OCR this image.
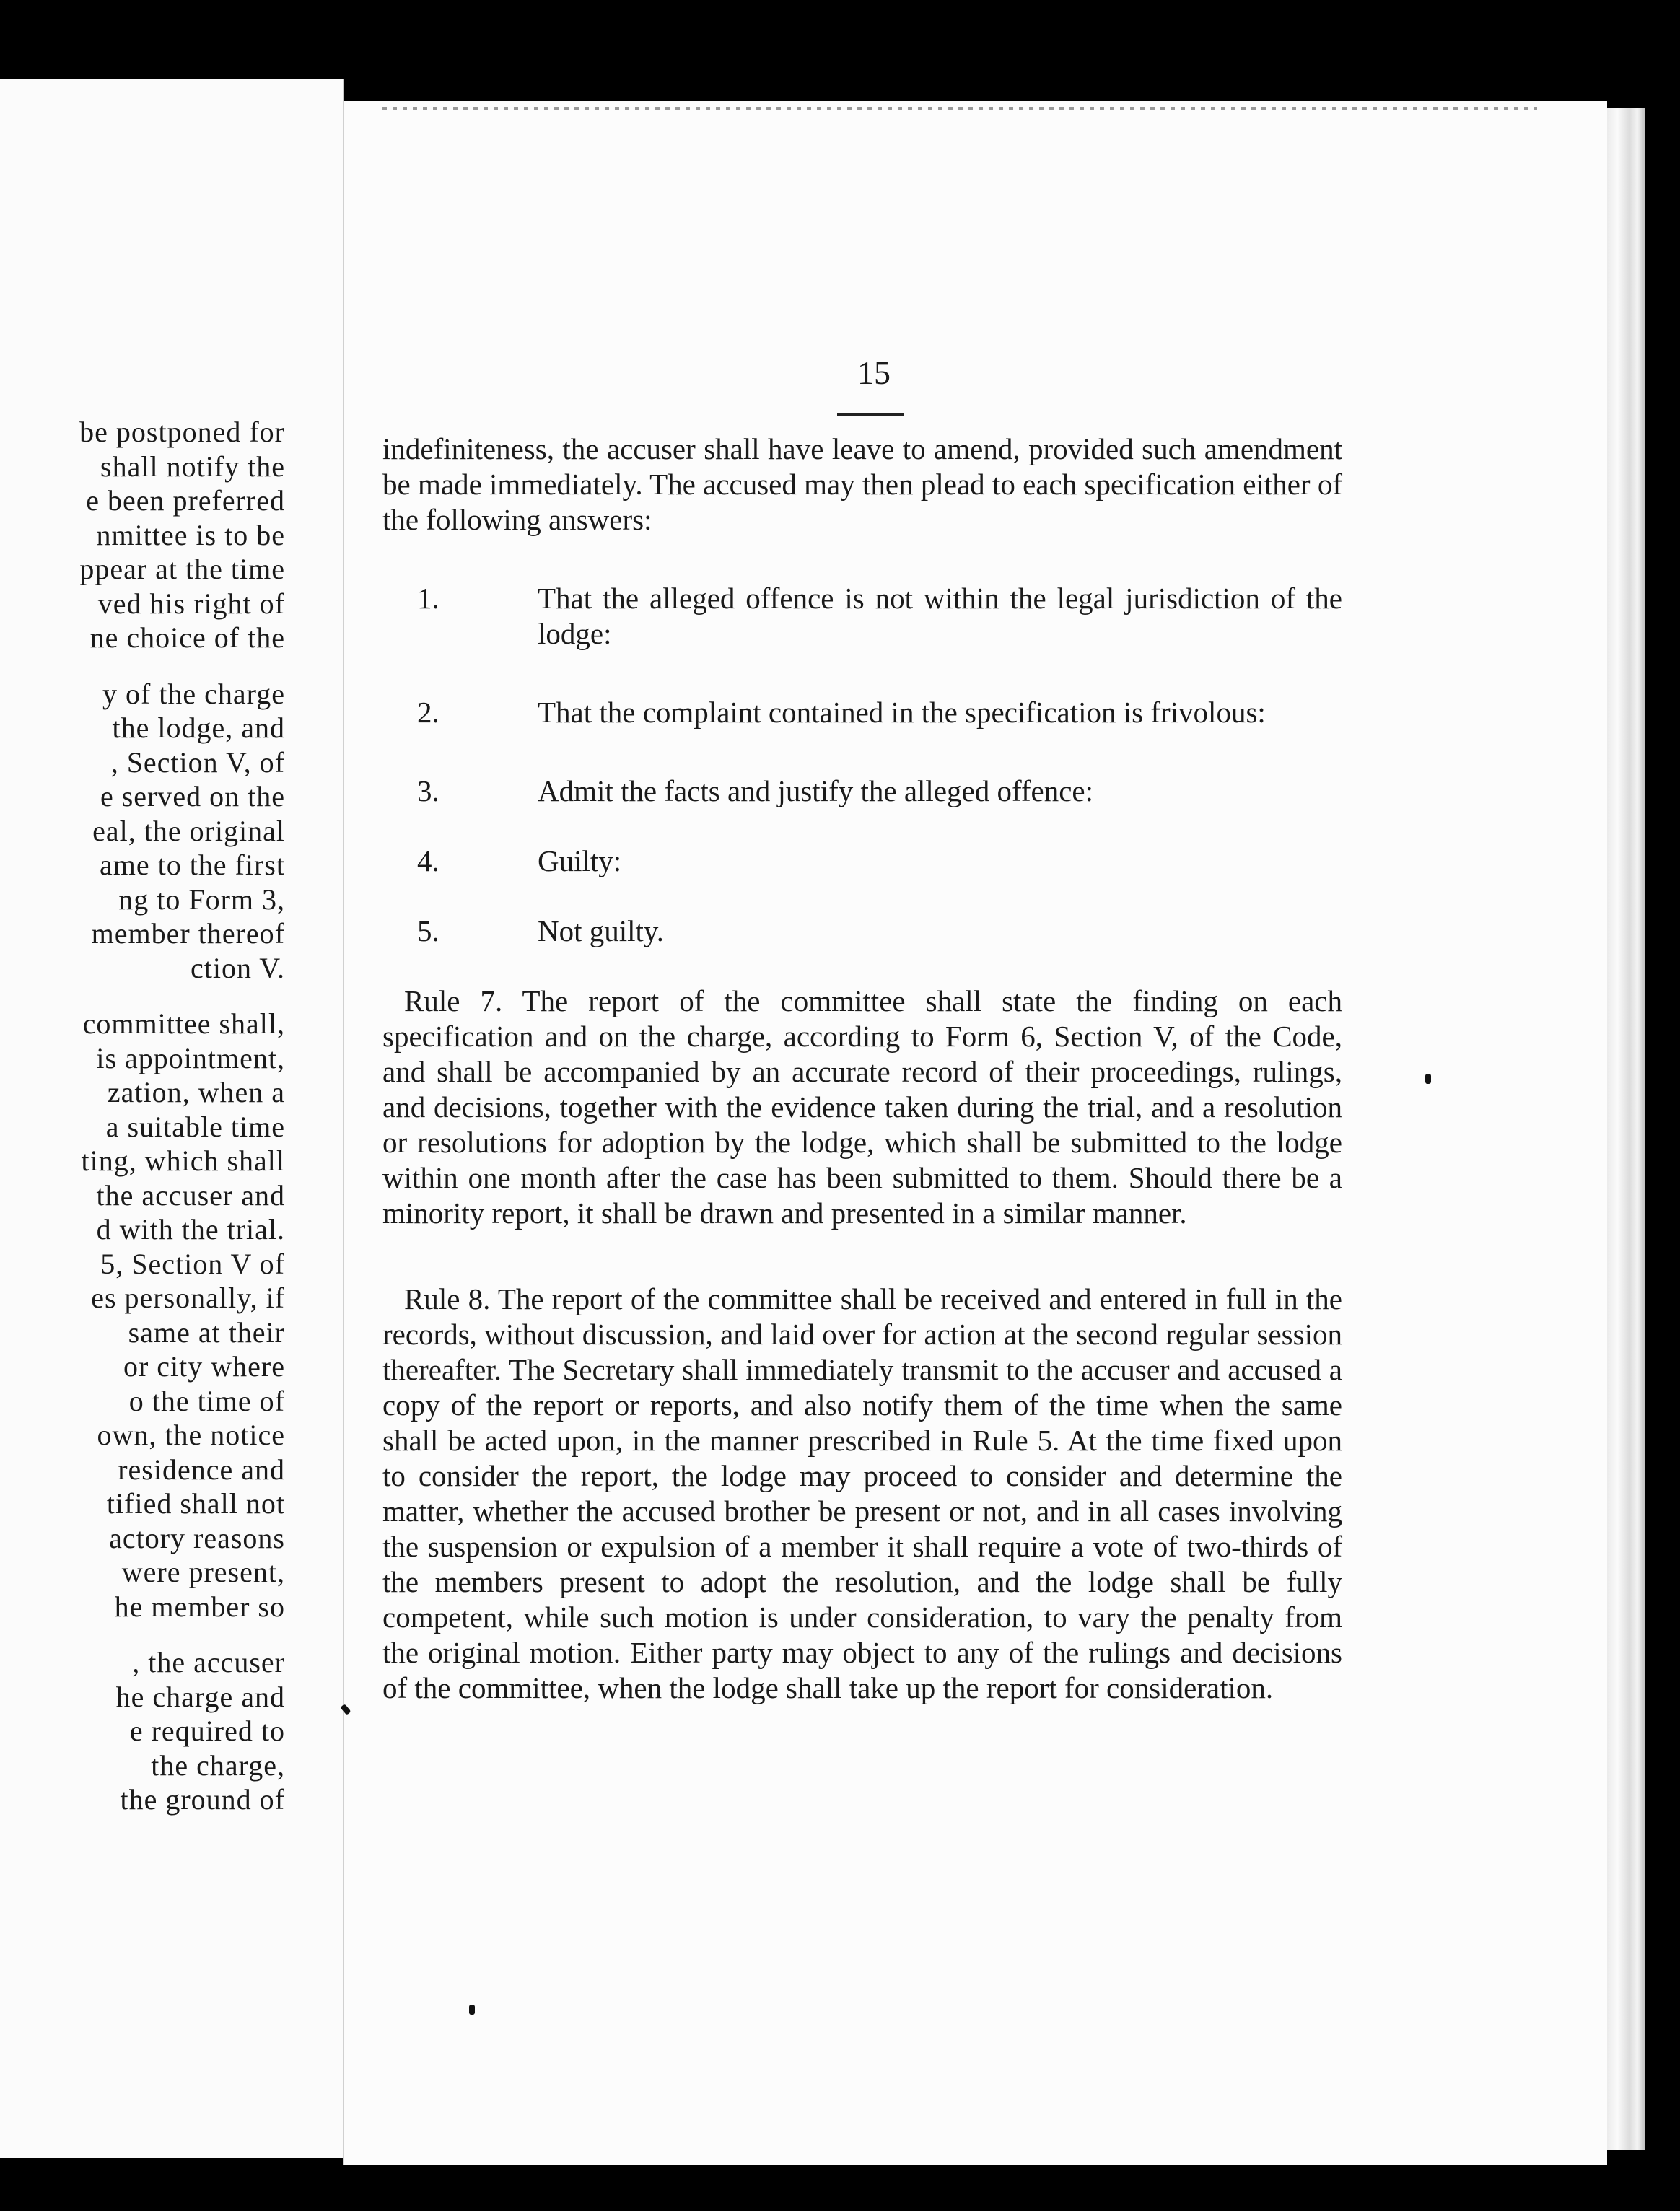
be postponed for
shall notify the
e been preferred
nmittee is to be
ppear at the time
ved his right of
ne choice of the
y of the charge
the lodge, and
, Section V, of
e served on the
eal, the original
ame to the first
ng to Form 3,
member thereof
ction V.
committee shall,
is appointment,
zation, when a
a suitable time
ting, which shall
the accuser and
d with the trial.
5, Section V of
es personally, if
same at their
or city where
o the time of
own, the notice
residence and
tified shall not
actory reasons
were present,
he member so
, the accuser
he charge and
e required to
the charge,
the ground of
15

indefiniteness, the accuser shall have leave to amend, provided such amendment be made immediately. The accused may then plead to each specification either of the following answers:

1.	That the alleged offence is not within the legal jurisdiction of the lodge:

2.	That the complaint contained in the specification is frivolous:

3.	Admit the facts and justify the alleged offence:

4.	Guilty:

5.	Not guilty.

Rule 7. The report of the committee shall state the finding on each specification and on the charge, according to Form 6, Section V, of the Code, and shall be accompanied by an accurate record of their proceedings, rulings, and decisions, together with the evidence taken during the trial, and a resolution or resolutions for adoption by the lodge, which shall be submitted to the lodge within one month after the case has been submitted to them. Should there be a minority report, it shall be drawn and presented in a similar manner.

Rule 8. The report of the committee shall be received and entered in full in the records, without discussion, and laid over for action at the second regular session thereafter. The Secretary shall immediately transmit to the accuser and accused a copy of the report or reports, and also notify them of the time when the same shall be acted upon, in the manner prescribed in Rule 5. At the time fixed upon to consider the report, the lodge may proceed to consider and determine the matter, whether the accused brother be present or not, and in all cases involving the suspension or expulsion of a member it shall require a vote of two-thirds of the members present to adopt the resolution, and the lodge shall be fully competent, while such motion is under consideration, to vary the penalty from the original motion. Either party may object to any of the rulings and decisions of the committee, when the lodge shall take up the report for consideration.
